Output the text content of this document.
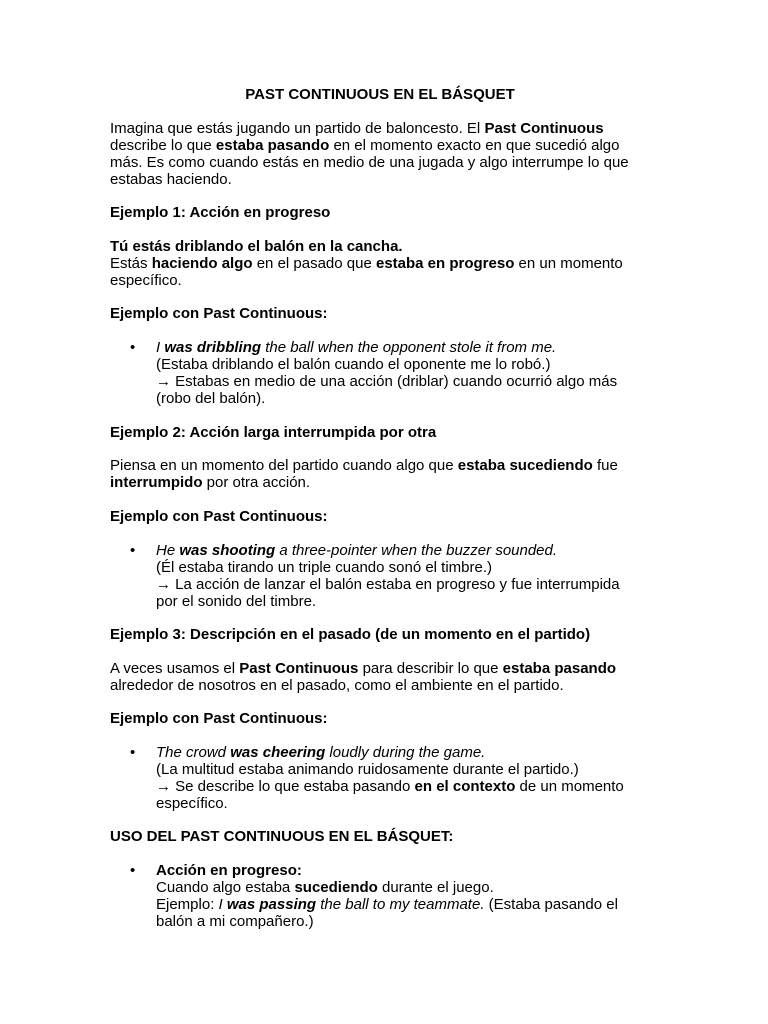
PAST CONTINUOUS EN EL BÁSQUET
Imagina que estás jugando un partido de baloncesto. El Past Continuous
describe lo que estaba pasando en el momento exacto en que sucedió algo
más. Es como cuando estás en medio de una jugada y algo interrumpe lo que
estabas haciendo.
Ejemplo 1: Acción en progreso
Tú estás driblando el balón en la cancha.
Estás haciendo algo en el pasado que estaba en progreso en un momento
específico.
Ejemplo con Past Continuous:
•	I was dribbling the ball when the opponent stole it from me.
(Estaba driblando el balón cuando el oponente me lo robó.)
→ Estabas en medio de una acción (driblar) cuando ocurrió algo más
(robo del balón).
Ejemplo 2: Acción larga interrumpida por otra
Piensa en un momento del partido cuando algo que estaba sucediendo fue
interrumpido por otra acción.
Ejemplo con Past Continuous:
•	He was shooting a three-pointer when the buzzer sounded.
(Él estaba tirando un triple cuando sonó el timbre.)
→ La acción de lanzar el balón estaba en progreso y fue interrumpida
por el sonido del timbre.
Ejemplo 3: Descripción en el pasado (de un momento en el partido)
A veces usamos el Past Continuous para describir lo que estaba pasando
alrededor de nosotros en el pasado, como el ambiente en el partido.
Ejemplo con Past Continuous:
•	The crowd was cheering loudly during the game.
(La multitud estaba animando ruidosamente durante el partido.)
→ Se describe lo que estaba pasando en el contexto de un momento
específico.
USO DEL PAST CONTINUOUS EN EL BÁSQUET:
•	Acción en progreso:
Cuando algo estaba sucediendo durante el juego.
Ejemplo: I was passing the ball to my teammate. (Estaba pasando el
balón a mi compañero.)
